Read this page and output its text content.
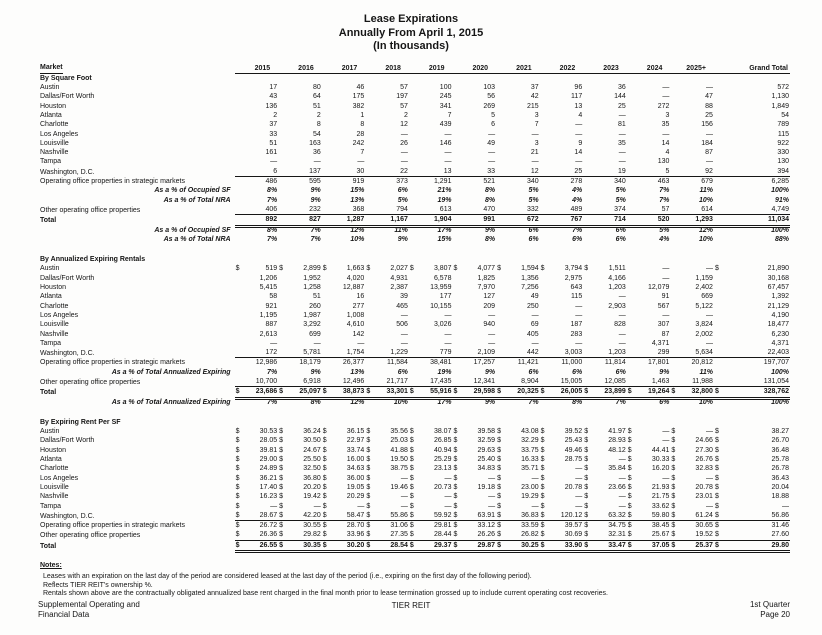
Lease Expirations
Annually From April 1, 2015
(In thousands)
Market	2015	2016	2017	2018	2019	2020	2021	2022	2023	2024	2025+	Grand Total

By Square Foot												
Austin	17	80	46	57	100	103	37	96	36	—	—	572

Dallas/Fort Worth	43	64	175	197	245	56	42	117	144	—	47	1,130

Houston	136	51	382	57	341	269	215	13	25	272	88	1,849

Atlanta	2	2	1	2	7	5	3	4	—	3	25	54

Charlotte	37	8	8	12	439	6	7	—	81	35	156	789

Los Angeles	33	54	28	—	—	—	—	—	—	—	—	115

Louisville	51	163	242	26	146	49	3	9	35	14	184	922

Nashville	161	36	7	—	—	—	21	14	—	4	87	330

Tampa	—	—	—	—	—	—	—	—	—	130	—	130

Washington, D.C.	6	137	30	22	13	33	12	25	19	5	92	394

Operating office properties in strategic markets	486	595	919	373	1,291	521	340	278	340	463	679	6,285

As a % of Occupied SF	8%	9%	15%	6%	21%	8%	5%	4%	5%	7%	11%	100%

As a % of Total NRA	7%	9%	13%	5%	19%	8%	5%	4%	5%	7%	10%	91%

Other operating office properties	406	232	368	794	613	470	332	489	374	57	614	4,749

Total	892	827	1,287	1,167	1,904	991	672	767	714	520	1,293	11,034

As a % of Occupied SF	8%	7%	12%	11%	17%	9%	6%	7%	6%	5%	12%	100%

As a % of Total NRA	7%	7%	10%	9%	15%	8%	6%	6%	6%	4%	10%	88%

By Annualized Expiring Rentals												
Austin	$ 519	$ 2,899	$ 1,663	$ 2,027	$ 3,807	$ 4,077	$ 1,594	$ 3,794	$ 1,511	—	—	$ 21,890

Dallas/Fort Worth	1,206	1,952	4,020	4,931	6,578	1,825	1,356	2,975	4,166	—	1,159	30,168

Houston	5,415	1,258	12,887	2,387	13,959	7,970	7,256	643	1,203	12,079	2,402	67,457

Atlanta	58	51	16	39	177	127	49	115	—	91	669	1,392

Charlotte	921	260	277	465	10,155	209	250	—	2,903	567	5,122	21,129

Los Angeles	1,195	1,987	1,008	—	—	—	—	—	—	—	—	4,190

Louisville	887	3,292	4,610	506	3,026	940	69	187	828	307	3,824	18,477

Nashville	2,613	699	142	—	—	—	405	283	—	87	2,002	6,230

Tampa	—	—	—	—	—	—	—	—	—	4,371	—	4,371

Washington, D.C.	172	5,781	1,754	1,229	779	2,109	442	3,003	1,203	299	5,634	22,403

Operating office properties in strategic markets	12,986	18,179	26,377	11,584	38,481	17,257	11,421	11,000	11,814	17,801	20,812	197,707

As a % of Total Annualized Expiring	7%	9%	13%	6%	19%	9%	6%	6%	6%	9%	11%	100%

Other operating office properties	10,700	6,918	12,496	21,717	17,435	12,341	8,904	15,005	12,085	1,463	11,988	131,054

Total	$ 23,686	$ 25,097	$ 38,873	$ 33,301	$ 55,916	$ 29,598	$ 20,325	$ 26,005	$ 23,899	$ 19,264	$ 32,800	$ 328,762

As a % of Total Annualized Expiring	7%	8%	12%	10%	17%	9%	7%	8%	7%	6%	10%	100%

By Expiring Rent Per SF												
Austin	$ 30.53	$ 36.24	$ 36.15	$ 35.56	$ 38.07	$ 39.58	$ 43.08	$ 39.52	$ 41.97	$ —	$ —	$ 38.27

Dallas/Fort Worth	$ 28.05	$ 30.50	$ 22.97	$ 25.03	$ 26.85	$ 32.59	$ 32.29	$ 25.43	$ 28.93	$ —	$ 24.66	$ 26.70

Houston	$ 39.81	$ 24.67	$ 33.74	$ 41.88	$ 40.94	$ 29.63	$ 33.75	$ 49.46	$ 48.12	$ 44.41	$ 27.30	$ 36.48

Atlanta	$ 29.00	$ 25.50	$ 16.00	$ 19.50	$ 25.29	$ 25.40	$ 16.33	$ 28.75	$ —	$ 30.33	$ 26.76	$ 25.78

Charlotte	$ 24.89	$ 32.50	$ 34.63	$ 38.75	$ 23.13	$ 34.83	$ 35.71	$ —	$ 35.84	$ 16.20	$ 32.83	$ 26.78

Los Angeles	$ 36.21	$ 36.80	$ 36.00	$ —	$ —	$ —	$ —	$ —	$ —	$ —	$ —	$ 36.43

Louisville	$ 17.40	$ 20.20	$ 19.05	$ 19.46	$ 20.73	$ 19.18	$ 23.00	$ 20.78	$ 23.66	$ 21.93	$ 20.78	$ 20.04

Nashville	$ 16.23	$ 19.42	$ 20.29	$ —	$ —	$ —	$ 19.29	$ —	$ —	$ 21.75	$ 23.01	$ 18.88

Tampa	$ —	$ —	$ —	$ —	$ —	$ —	$ —	$ —	$ —	$ 33.62	$ —	$ —

Washington, D.C.	$ 28.67	$ 42.20	$ 58.47	$ 55.86	$ 59.92	$ 63.91	$ 36.83	$ 120.12	$ 63.32	$ 59.80	$ 61.24	$ 56.86

Operating office properties in strategic markets	$ 26.72	$ 30.55	$ 28.70	$ 31.06	$ 29.81	$ 33.12	$ 33.59	$ 39.57	$ 34.75	$ 38.45	$ 30.65	$ 31.46

Other operating office properties	$ 26.36	$ 29.82	$ 33.96	$ 27.35	$ 28.44	$ 26.26	$ 26.82	$ 30.69	$ 32.31	$ 25.67	$ 19.52	$ 27.60

Total	$ 26.55	$ 30.35	$ 30.20	$ 28.54	$ 29.37	$ 29.87	$ 30.25	$ 33.90	$ 33.47	$ 37.05	$ 25.37	$ 29.80
Notes:
Leases with an expiration on the last day of the period are considered leased at the last day of the period (i.e., expiring on the first day of the following period).
Reflects TIER REIT's ownership %.
Rentals shown above are the contractually obligated annualized base rent charged in the final month prior to lease termination grossed up to include current operating cost recoveries.
Supplemental Operating and
Financial Data
TIER REIT	1st Quarter
Page 20
